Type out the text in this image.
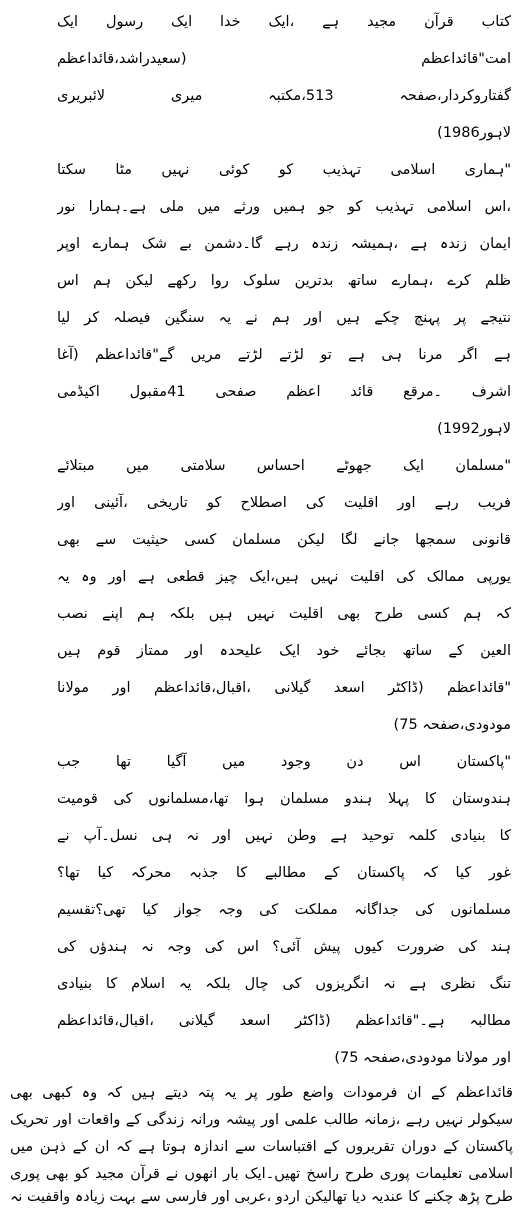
کتاب قرآن مجید ہے ،ایک خدا ایک رسول ایک
امت"قائداعظم (سعیدراشد،قائداعظم
گفتاروکردار،صفحہ 513،مکتبہ میری لائبریری
لاہور1986)
"ہماری اسلامی تہذیب کو کوئی نہیں مٹا سکتا
،اس اسلامی تہذیب کو جو ہمیں ورثے میں ملی ہے۔ہمارا نور
ایمان زندہ ہے ،ہمیشہ زندہ رہے گا۔دشمن بے شک ہمارے اوپر
ظلم کرے ،ہمارے ساتھ بدترین سلوک روا رکھے لیکن ہم اس
نتیجے پر پہنچ چکے ہیں اور ہم نے یہ سنگین فیصلہ کر لیا
ہے اگر مرنا ہی ہے تو لڑتے لڑتے مریں گے"قائداعظم (آغا
اشرف ۔مرقع قائد اعظم صفحی 41مقبول اکیڈمی
لاہور1992)
"مسلمان ایک جھوٹے احساس سلامتی میں مبتلائے
فریب رہے اور اقلیت کی اصطلاح کو تاریخی ،آئینی اور
قانونی سمجھا جانے لگا لیکن مسلمان کسی حیثیت سے بھی
یورپی ممالک کی اقلیت نہیں ہیں،ایک چیز قطعی ہے اور وہ یہ
کہ ہم کسی طرح بھی اقلیت نہیں ہیں بلکہ ہم اپنے نصب
العین کے ساتھ بجائے خود ایک علیحدہ اور ممتاز قوم ہیں
"قائداعظم (ڈاکٹر اسعد گیلانی ،اقبال،قائداعظم اور مولانا
مودودی،صفحہ 75)
"پاکستان اس دن وجود میں آگیا تھا جب
ہندوستان کا پہلا ہندو مسلمان ہوا تھا،مسلمانوں کی قومیت
کا بنیادی کلمہ توحید ہے وطن نہیں اور نہ ہی نسل۔آپ نے
غور کیا کہ پاکستان کے مطالبے کا جذبہ محرکہ کیا تھا؟
مسلمانوں کی جداگانہ مملکت کی وجہ جواز کیا تھی؟تقسیم
ہند کی ضرورت کیوں پیش آئی؟ اس کی وجہ نہ ہندؤں کی
تنگ نظری ہے نہ انگریزوں کی چال بلکہ یہ اسلام کا بنیادی
مطالبہ ہے۔"قائداعظم (ڈاکٹر اسعد گیلانی ،اقبال،قائداعظم
اور مولانا مودودی،صفحہ 75)
قائداعظم کے ان فرمودات واضع طور پر یہ پتہ دیتے ہیں کہ وہ کبھی بھی
سیکولر نہیں رہے ،زمانہ طالب علمی اور پیشہ ورانہ زندگی کے واقعات اور تحریک
پاکستان کے دوران تقریروں کے اقتباسات سے اندازہ ہوتا ہے کہ ان کے ذہن میں
اسلامی تعلیمات پوری طرح راسخ تھیں۔ایک بار انھوں نے قرآن مجید کو بھی پوری
طرح پڑھ چکنے کا عندیہ دیا تھالیکن اردو ،عربی اور فارسی سے بہت زیادہ واقفیت نہ
